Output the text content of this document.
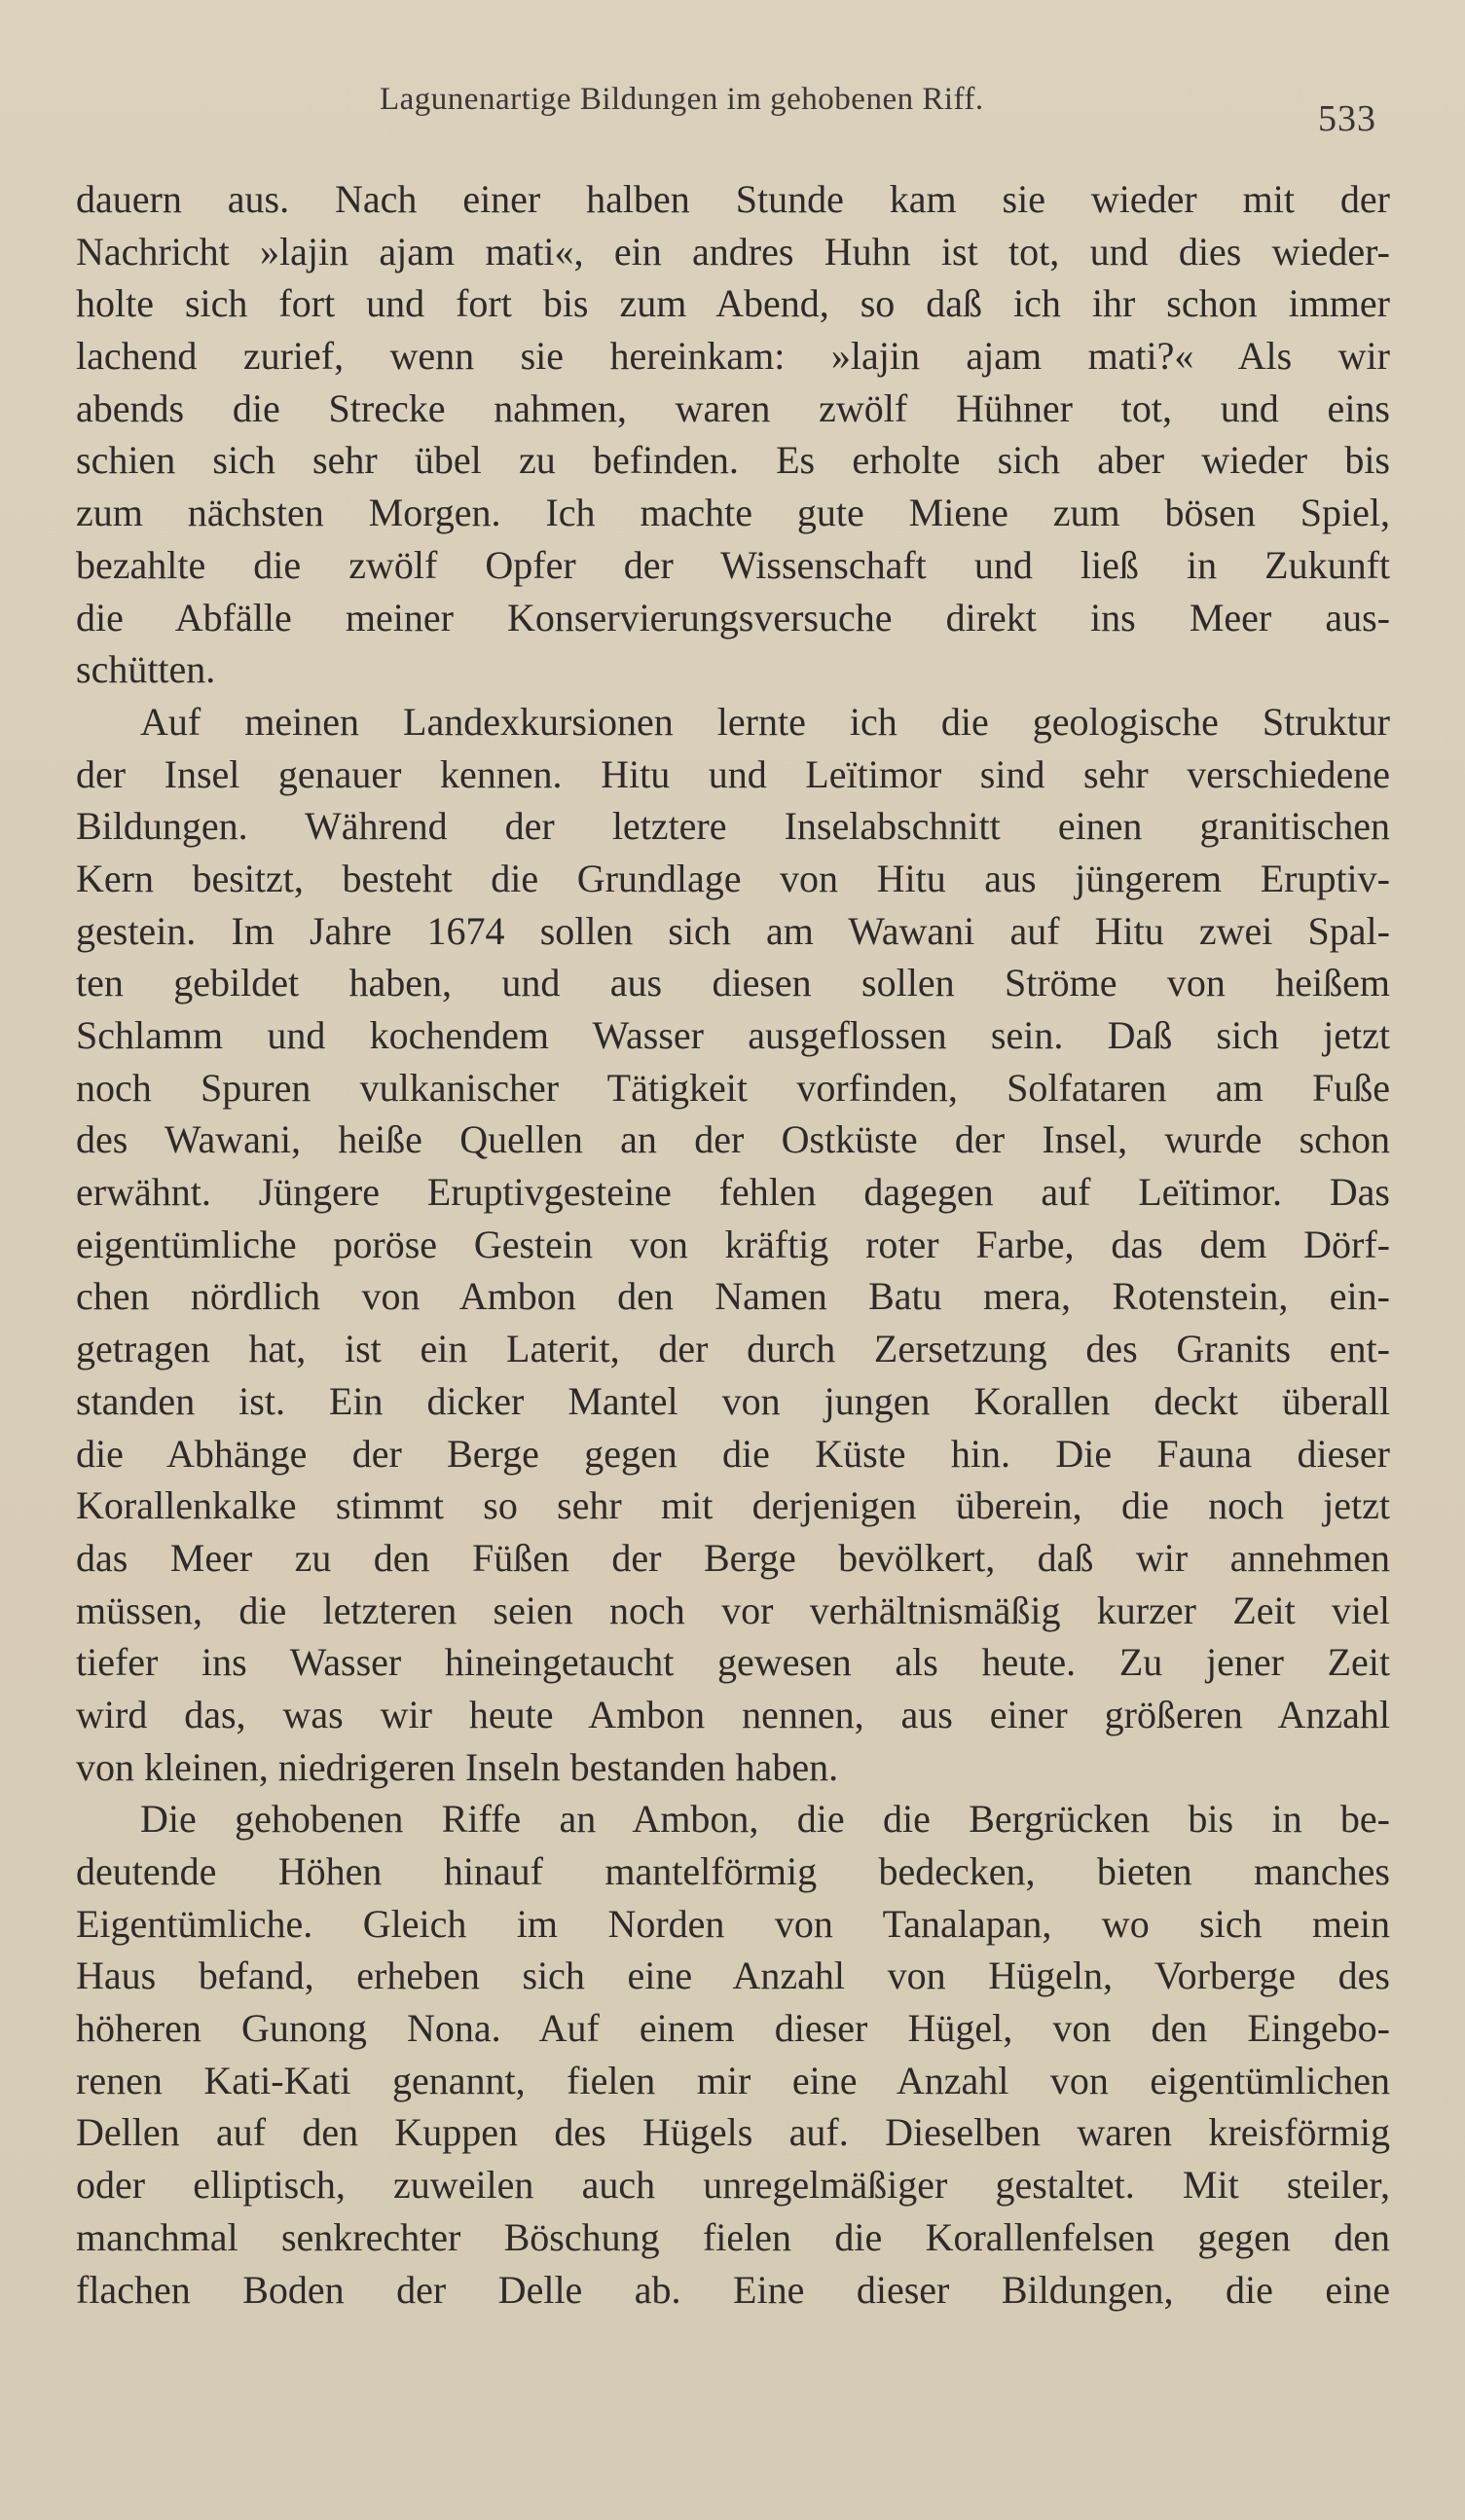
Lagunenartige Bildungen im gehobenen Riff.	533
dauern aus. Nach einer halben Stunde kam sie wieder mit der
Nachricht »lajin ajam mati«, ein andres Huhn ist tot, und dies wieder-
holte sich fort und fort bis zum Abend, so daß ich ihr schon immer
lachend zurief, wenn sie hereinkam: »lajin ajam mati?« Als wir
abends die Strecke nahmen, waren zwölf Hühner tot, und eins
schien sich sehr übel zu befinden. Es erholte sich aber wieder bis
zum nächsten Morgen. Ich machte gute Miene zum bösen Spiel,
bezahlte die zwölf Opfer der Wissenschaft und ließ in Zukunft
die Abfälle meiner Konservierungsversuche direkt ins Meer aus-
schütten.
Auf meinen Landexkursionen lernte ich die geologische Struktur
der Insel genauer kennen. Hitu und Leïtimor sind sehr verschiedene
Bildungen. Während der letztere Inselabschnitt einen granitischen
Kern besitzt, besteht die Grundlage von Hitu aus jüngerem Eruptiv-
gestein. Im Jahre 1674 sollen sich am Wawani auf Hitu zwei Spal-
ten gebildet haben, und aus diesen sollen Ströme von heißem
Schlamm und kochendem Wasser ausgeflossen sein. Daß sich jetzt
noch Spuren vulkanischer Tätigkeit vorfinden, Solfataren am Fuße
des Wawani, heiße Quellen an der Ostküste der Insel, wurde schon
erwähnt. Jüngere Eruptivgesteine fehlen dagegen auf Leïtimor. Das
eigentümliche poröse Gestein von kräftig roter Farbe, das dem Dörf-
chen nördlich von Ambon den Namen Batu mera, Rotenstein, ein-
getragen hat, ist ein Laterit, der durch Zersetzung des Granits ent-
standen ist. Ein dicker Mantel von jungen Korallen deckt überall
die Abhänge der Berge gegen die Küste hin. Die Fauna dieser
Korallenkalke stimmt so sehr mit derjenigen überein, die noch jetzt
das Meer zu den Füßen der Berge bevölkert, daß wir annehmen
müssen, die letzteren seien noch vor verhältnismäßig kurzer Zeit viel
tiefer ins Wasser hineingetaucht gewesen als heute. Zu jener Zeit
wird das, was wir heute Ambon nennen, aus einer größeren Anzahl
von kleinen, niedrigeren Inseln bestanden haben.
Die gehobenen Riffe an Ambon, die die Bergrücken bis in be-
deutende Höhen hinauf mantelförmig bedecken, bieten manches
Eigentümliche. Gleich im Norden von Tanalapan, wo sich mein
Haus befand, erheben sich eine Anzahl von Hügeln, Vorberge des
höheren Gunong Nona. Auf einem dieser Hügel, von den Eingebo-
renen Kati-Kati genannt, fielen mir eine Anzahl von eigentümlichen
Dellen auf den Kuppen des Hügels auf. Dieselben waren kreisförmig
oder elliptisch, zuweilen auch unregelmäßiger gestaltet. Mit steiler,
manchmal senkrechter Böschung fielen die Korallenfelsen gegen den
flachen Boden der Delle ab. Eine dieser Bildungen, die eine
